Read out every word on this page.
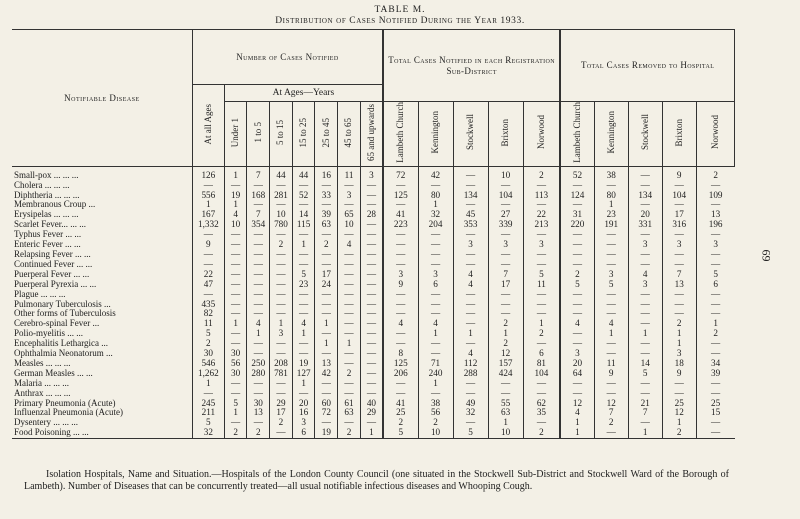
TABLE M.
Distribution of Cases Notified During the Year 1933.
Notifiable Disease	Number of Cases Notified								Total Cases Notified in each Registration Sub-District					Total Cases Removed to Hospital				
	At all Ages	At Ages—Years																
		Under 1	1 to 5	5 to 15	15 to 25	25 to 45	45 to 65	65 and upwards	Lambeth Church	Kennington	Stockwell	Brixton	Norwood	Lambeth Church	Kennington	Stockwell	Brixton	Norwood
Small-pox ... ... ...	126	1	7	44	44	16	11	3	72	42	—	10	2	52	38	—	9	2
Cholera ... ... ...	—	—	—	—	—	—	—	—	—	—	—	—	—	—	—	—	—	—
Diphtheria ... ... ...	556	19	168	281	52	33	3	—	125	80	134	104	113	124	80	134	104	109
Membranous Croup ...	1	1	—	—	—	—	—	—	—	1	—	—	—	—	1	—	—	—
Erysipelas ... ... ...	167	4	7	10	14	39	65	28	41	32	45	27	22	31	23	20	17	13
Scarlet Fever... ... ...	1,332	10	354	780	115	63	10	—	223	204	353	339	213	220	191	331	316	196
Typhus Fever ... ...	—	—	—	—	—	—	—	—	—	—	—	—	—	—	—	—	—	—
Enteric Fever ... ...	9	—	—	2	1	2	4	—	—	—	3	3	3	—	—	3	3	3
Relapsing Fever ... ...	—	—	—	—	—	—	—	—	—	—	—	—	—	—	—	—	—	—
Continued Fever ... ...	—	—	—	—	—	—	—	—	—	—	—	—	—	—	—	—	—	—
Puerperal Fever ... ...	22	—	—	—	5	17	—	—	3	3	4	7	5	2	3	4	7	5
Puerperal Pyrexia ... ...	47	—	—	—	23	24	—	—	9	6	4	17	11	5	5	3	13	6
Plague ... ... ...	—	—	—	—	—	—	—	—	—	—	—	—	—	—	—	—	—	—
Pulmonary Tuberculosis ...	435	—	—	—	—	—	—	—	—	—	—	—	—	—	—	—	—	—
Other forms of Tuberculosis	82	—	—	—	—	—	—	—	—	—	—	—	—	—	—	—	—	—
Cerebro-spinal Fever ...	11	1	4	1	4	1	—	—	4	4	—	2	1	4	4	—	2	1
Polio-myelitis ... ...	5	—	1	3	1	—	—	—	—	1	1	1	2	—	1	1	1	2
Encephalitis Lethargica ...	2	—	—	—	—	1	1	—	—	—	—	2	—	—	—	—	1	—
Ophthalmia Neonatorum ...	30	30	—	—	—	—	—	—	8	—	4	12	6	3	—	—	3	—
Measles ... ... ...	546	56	250	208	19	13	—	—	125	71	112	157	81	20	11	14	18	34
German Measles ... ...	1,262	30	280	781	127	42	2	—	206	240	288	424	104	64	9	5	9	39
Malaria ... ... ...	1	—	—	—	1	—	—	—	—	1	—	—	—	—	—	—	—	—
Anthrax ... ... ...	—	—	—	—	—	—	—	—	—	—	—	—	—	—	—	—	—	—
Primary Pneumonia (Acute)	245	5	30	29	20	60	61	40	41	38	49	55	62	12	12	21	25	25
Influenzal Pneumonia (Acute)	211	1	13	17	16	72	63	29	25	56	32	63	35	4	7	7	12	15
Dysentery ... ... ...	5	—	—	2	3	—	—	—	2	2	—	1	—	1	2	—	1	—
Food Poisoning ... ...	32	2	2	—	6	19	2	1	5	10	5	10	2	1	—	1	2	—
69
Isolation Hospitals, Name and Situation.—Hospitals of the London County Council (one situated in the Stockwell Sub-District and Stockwell Ward of the Borough of Lambeth). Number of Diseases that can be concurrently treated—all usual notifiable infectious diseases and Whooping Cough.
